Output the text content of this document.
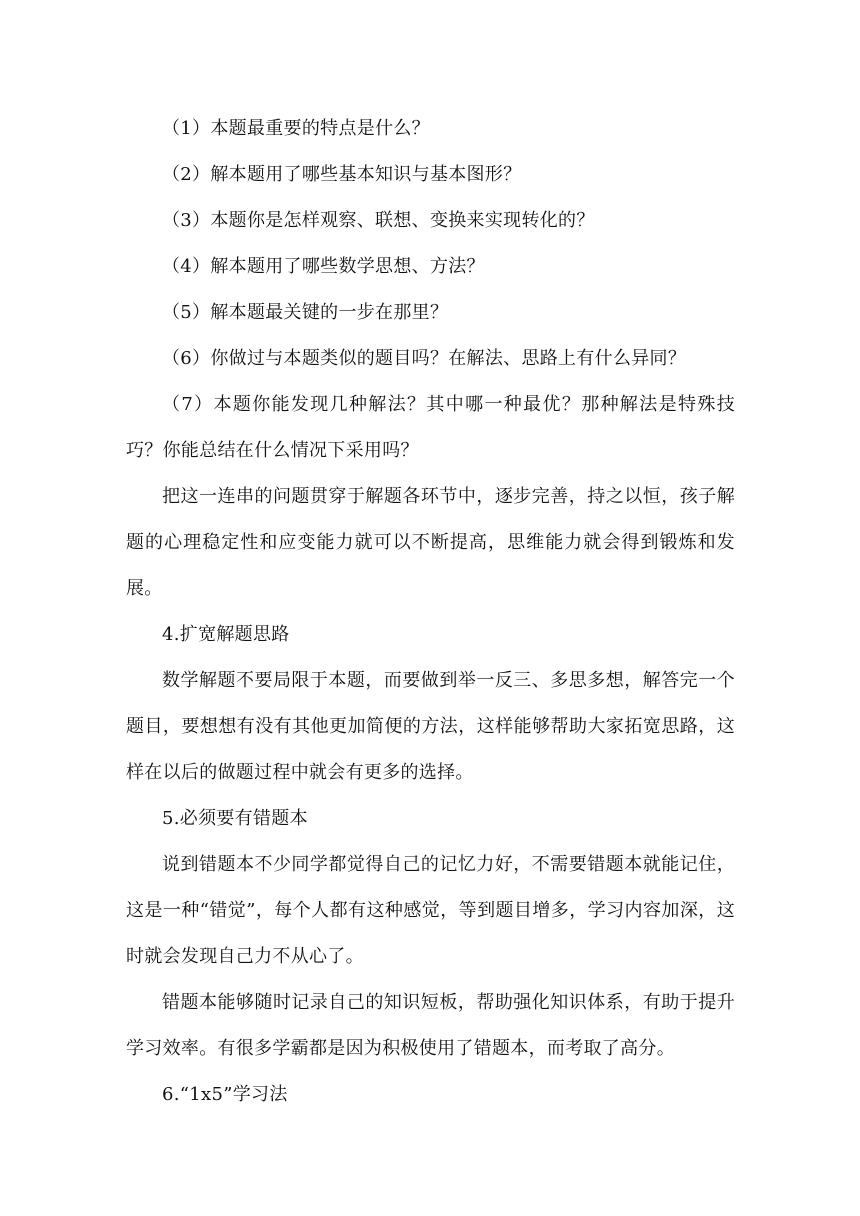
（1）本题最重要的特点是什么？

（2）解本题用了哪些基本知识与基本图形？

（3）本题你是怎样观察、联想、变换来实现转化的？

（4）解本题用了哪些数学思想、方法？

（5）解本题最关键的一步在那里？

（6）你做过与本题类似的题目吗？在解法、思路上有什么异同？

（7）本题你能发现几种解法？其中哪一种最优？那种解法是特殊技巧？你能总结在什么情况下采用吗？

把这一连串的问题贯穿于解题各环节中，逐步完善，持之以恒，孩子解题的心理稳定性和应变能力就可以不断提高，思维能力就会得到锻炼和发展。

4.扩宽解题思路

数学解题不要局限于本题，而要做到举一反三、多思多想，解答完一个题目，要想想有没有其他更加简便的方法，这样能够帮助大家拓宽思路，这样在以后的做题过程中就会有更多的选择。

5.必须要有错题本

说到错题本不少同学都觉得自己的记忆力好，不需要错题本就能记住，这是一种“错觉”，每个人都有这种感觉，等到题目增多，学习内容加深，这时就会发现自己力不从心了。

错题本能够随时记录自己的知识短板，帮助强化知识体系，有助于提升学习效率。有很多学霸都是因为积极使用了错题本，而考取了高分。

6.“1x5”学习法
